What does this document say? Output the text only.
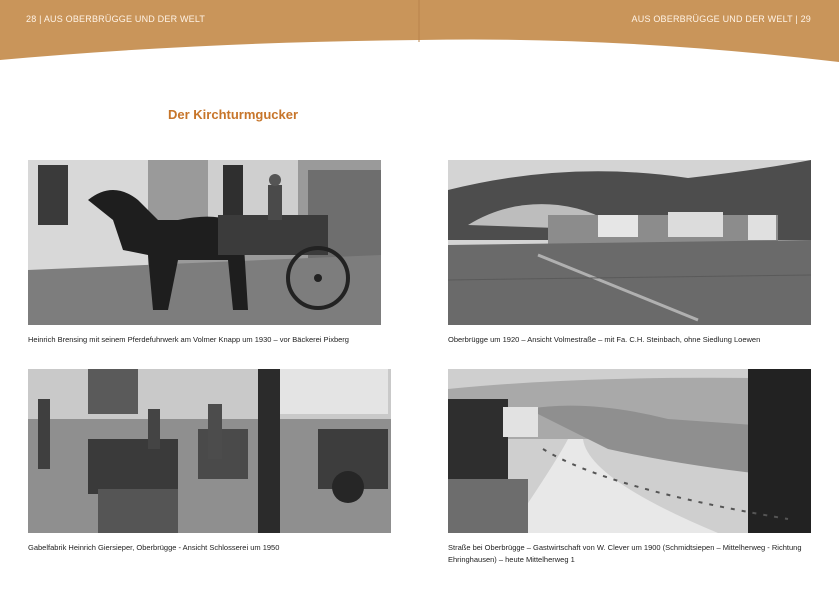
28 | AUS OBERBRÜGGE UND DER WELT	AUS OBERBRÜGGE UND DER WELT | 29
Der Kirchturmgucker
Heinrich Brensing mit seinem Pferdefuhrwerk am Volmer Knapp um 1930 – vor Bäckerei Pixberg	Oberbrügge um 1920 – Ansicht Volmestraße – mit Fa. C.H. Steinbach, ohne Siedlung Loewen
Gabelfabrik Heinrich Giersieper, Oberbrügge - Ansicht Schlosserei um 1950	Straße bei Oberbrügge – Gastwirtschaft von W. Clever um 1900 (Schmidtsiepen – Mittelherweg - Richtung Ehringhausen) – heute Mittelherweg 1
